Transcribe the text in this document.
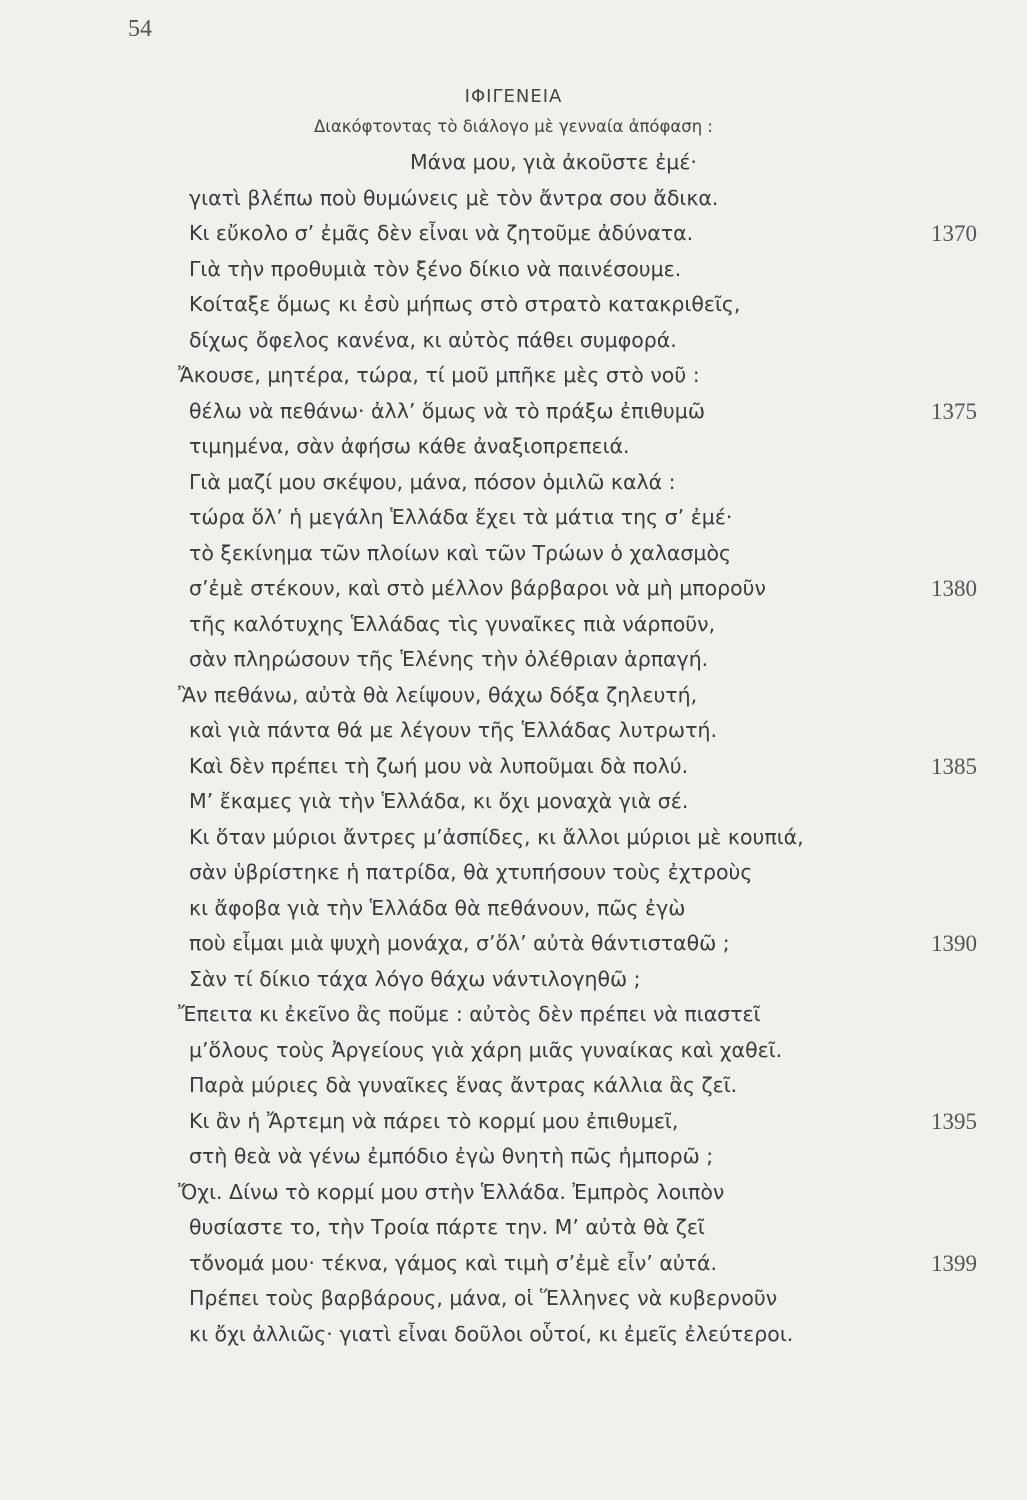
54
ΙΦΙΓΕΝΕΙΑ
Διακόφτοντας τὸ διάλογο μὲ γενναία ἀπόφαση :
Μάνα μου, γιὰ ἀκοῦστε ἐμέ·
γιατὶ βλέπω ποὺ θυμώνεις μὲ τὸν ἄντρα σου ἄδικα.
Κι εὔκολο σ’ ἐμᾶς δὲν εἶναι νὰ ζητοῦμε ἀδύνατα.	1370
Γιὰ τὴν προθυμιὰ τὸν ξένο δίκιο νὰ παινέσουμε.
Κοίταξε ὅμως κι ἐσὺ μήπως στὸ στρατὸ κατακριθεῖς,
δίχως ὄφελος κανένα, κι αὐτὸς πάθει συμφορά.
Ἄκουσε, μητέρα, τώρα, τί μοῦ μπῆκε μὲς στὸ νοῦ :
θέλω νὰ πεθάνω· ἀλλ’ ὅμως νὰ τὸ πράξω ἐπιθυμῶ	1375
τιμημένα, σὰν ἀφήσω κάθε ἀναξιοπρεπειά.
Γιὰ μαζί μου σκέψου, μάνα, πόσον ὁμιλῶ καλά :
τώρα ὅλ’ ἡ μεγάλη Ἑλλάδα ἔχει τὰ μάτια της σ’ ἐμέ·
τὸ ξεκίνημα τῶν πλοίων καὶ τῶν Τρώων ὁ χαλασμὸς
σ’ἐμὲ στέκουν, καὶ στὸ μέλλον βάρβαροι νὰ μὴ μποροῦν	1380
τῆς καλότυχης Ἑλλάδας τὶς γυναῖκες πιὰ νάρποῦν,
σὰν πληρώσουν τῆς Ἑλένης τὴν ὀλέθριαν ἁρπαγή.
Ἂν πεθάνω, αὐτὰ θὰ λείψουν, θάχω δόξα ζηλευτή,
καὶ γιὰ πάντα θά με λέγουν τῆς Ἑλλάδας λυτρωτή.
Καὶ δὲν πρέπει τὴ ζωή μου νὰ λυποῦμαι δὰ πολύ.	1385
Μ’ ἔκαμες γιὰ τὴν Ἑλλάδα, κι ὄχι μοναχὰ γιὰ σέ.
Κι ὅταν μύριοι ἄντρες μ’ἀσπίδες, κι ἄλλοι μύριοι μὲ κουπιά,
σὰν ὑβρίστηκε ἡ πατρίδα, θὰ χτυπήσουν τοὺς ἐχτροὺς
κι ἄφοβα γιὰ τὴν Ἑλλάδα θὰ πεθάνουν, πῶς ἐγὼ
ποὺ εἶμαι μιὰ ψυχὴ μονάχα, σ’ὅλ’ αὐτὰ θάντισταθῶ ;	1390
Σὰν τί δίκιο τάχα λόγο θάχω νάντιλογηθῶ ;
Ἔπειτα κι ἐκεῖνο ἂς ποῦμε : αὐτὸς δὲν πρέπει νὰ πιαστεῖ
μ’ὅλους τοὺς Ἀργείους γιὰ χάρη μιᾶς γυναίκας καὶ χαθεῖ.
Παρὰ μύριες δὰ γυναῖκες ἕνας ἄντρας κάλλια ἂς ζεῖ.
Κι ἂν ἡ Ἄρτεμη νὰ πάρει τὸ κορμί μου ἐπιθυμεῖ,	1395
στὴ θεὰ νὰ γένω ἐμπόδιο ἐγὼ θνητὴ πῶς ἠμπορῶ ;
Ὄχι. Δίνω τὸ κορμί μου στὴν Ἑλλάδα. Ἐμπρὸς λοιπὸν
θυσίαστε το, τὴν Τροία πάρτε την. Μ’ αὐτὰ θὰ ζεῖ
τὄνομά μου· τέκνα, γάμος καὶ τιμὴ σ’ἐμὲ εἶν’ αὐτά.	1399
Πρέπει τοὺς βαρβάρους, μάνα, οἱ Ἕλληνες νὰ κυβερνοῦν
κι ὄχι ἀλλιῶς· γιατὶ εἶναι δοῦλοι οὗτοί, κι ἐμεῖς ἐλεύτεροι.
